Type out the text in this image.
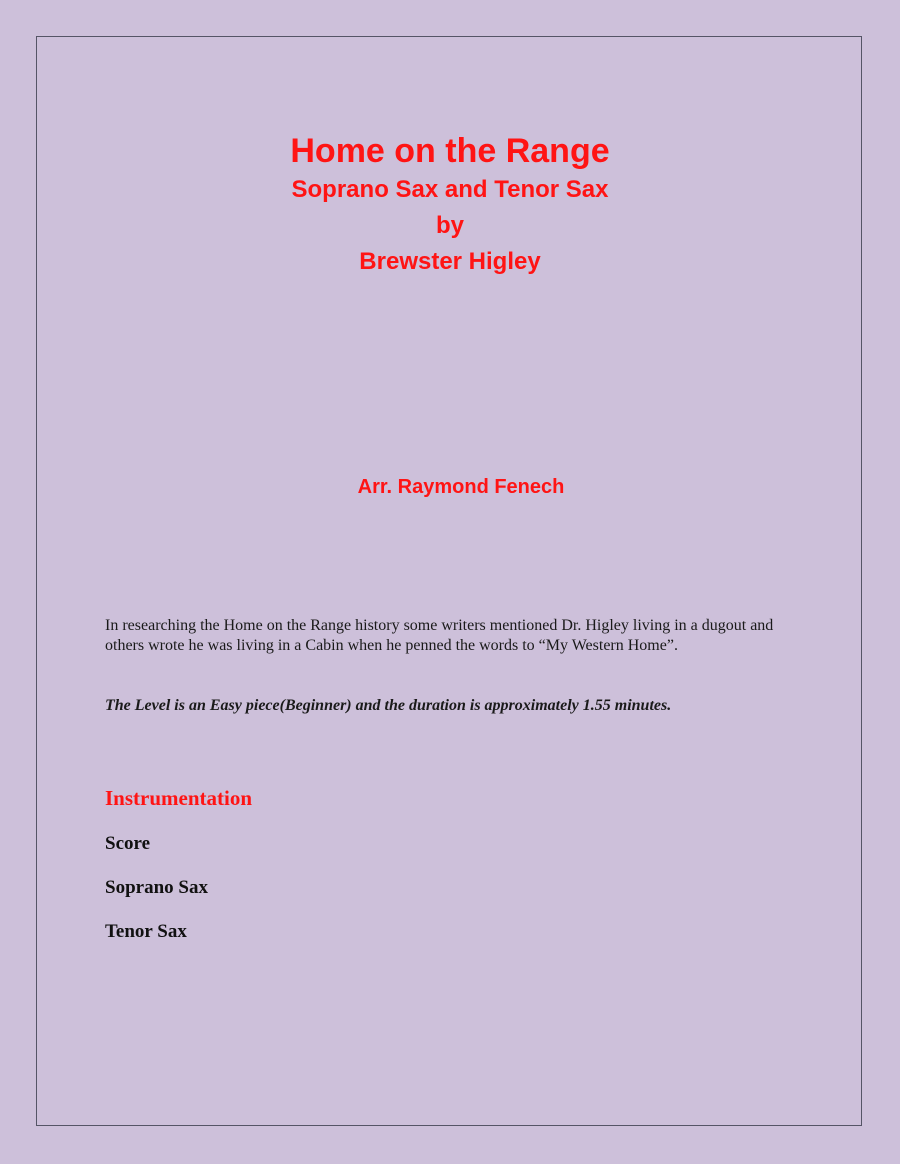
Home on the Range
Soprano Sax and Tenor Sax
by
Brewster Higley
Arr. Raymond Fenech

In researching the Home on the Range history some writers mentioned Dr. Higley living in a dugout and others wrote he was living in a Cabin when he penned the words to “My Western Home”.

The Level is an Easy piece(Beginner) and the duration is approximately 1.55 minutes.

Instrumentation
Score
Soprano Sax
Tenor Sax
